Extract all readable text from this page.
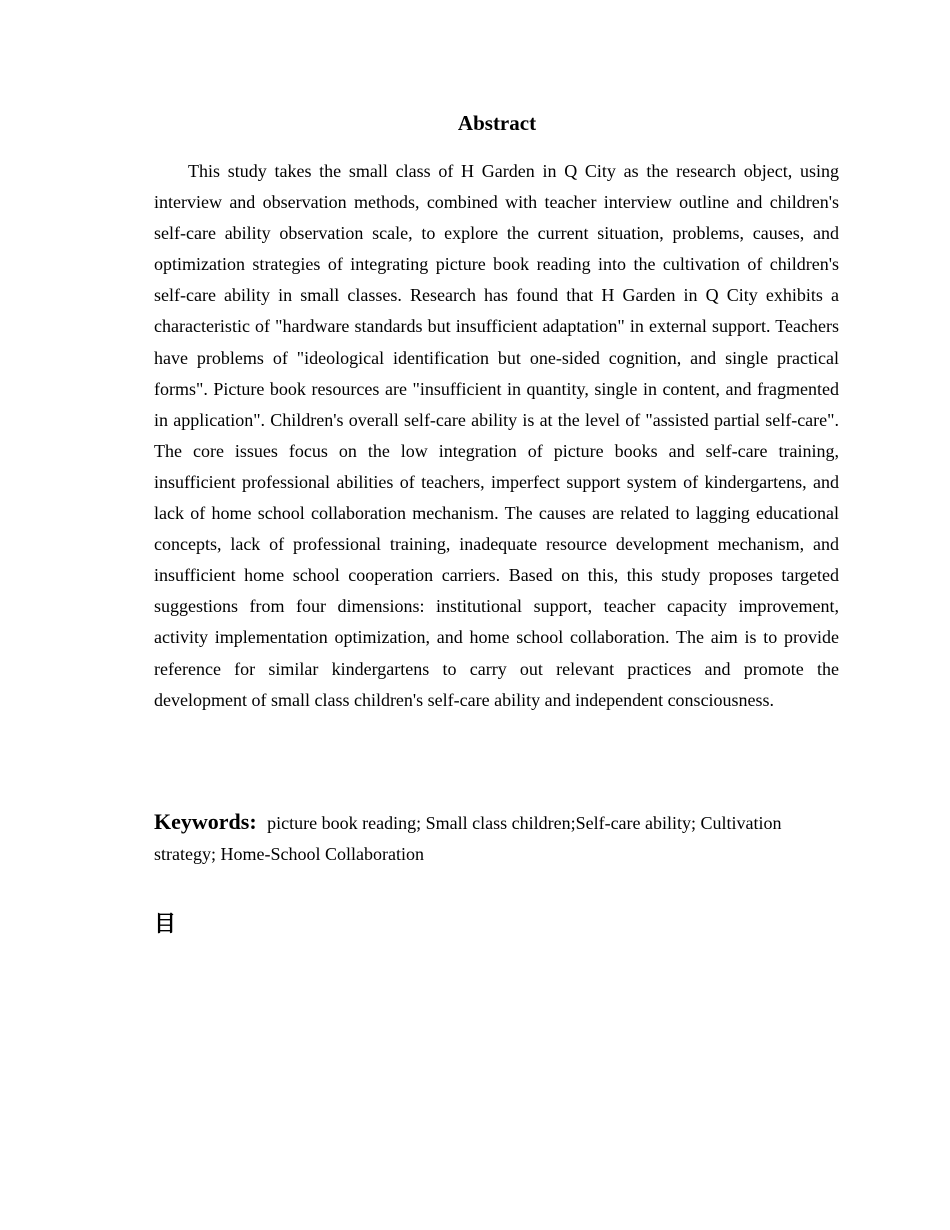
Abstract

This study takes the small class of H Garden in Q City as the research object, using interview and observation methods, combined with teacher interview outline and children's self-care ability observation scale, to explore the current situation, problems, causes, and optimization strategies of integrating picture book reading into the cultivation of children's self-care ability in small classes. Research has found that H Garden in Q City exhibits a characteristic of "hardware standards but insufficient adaptation" in external support. Teachers have problems of "ideological identification but one-sided cognition, and single practical forms". Picture book resources are "insufficient in quantity, single in content, and fragmented in application". Children's overall self-care ability is at the level of "assisted partial self-care". The core issues focus on the low integration of picture books and self-care training, insufficient professional abilities of teachers, imperfect support system of kindergartens, and lack of home school collaboration mechanism. The causes are related to lagging educational concepts, lack of professional training, inadequate resource development mechanism, and insufficient home school cooperation carriers. Based on this, this study proposes targeted suggestions from four dimensions: institutional support, teacher capacity improvement, activity implementation optimization, and home school collaboration. The aim is to provide reference for similar kindergartens to carry out relevant practices and promote the development of small class children's self-care ability and independent consciousness.

Keywords: picture book reading; Small class children;Self-care ability; Cultivation strategy; Home-School Collaboration

目
